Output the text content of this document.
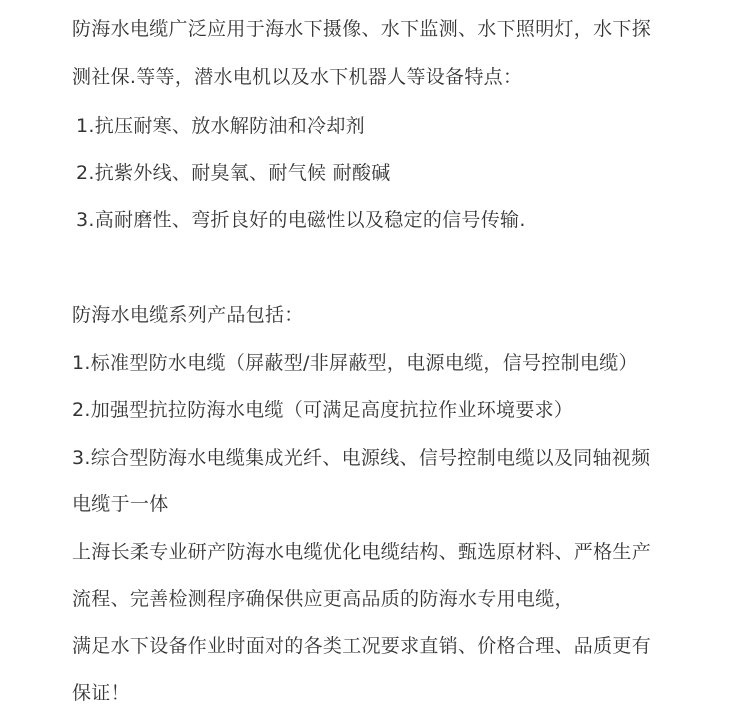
防海水电缆广泛应用于海水下摄像、水下监测、水下照明灯，水下探
测社保.等等，潜水电机以及水下机器人等设备特点：
1.抗压耐寒、放水解防油和冷却剂
2.抗紫外线、耐臭氧、耐气候 耐酸碱
3.高耐磨性、弯折良好的电磁性以及稳定的信号传输.
防海水电缆系列产品包括：
1.标准型防水电缆（屏蔽型/非屏蔽型，电源电缆，信号控制电缆）
2.加强型抗拉防海水电缆（可满足高度抗拉作业环境要求）
3.综合型防海水电缆集成光纤、电源线、信号控制电缆以及同轴视频
电缆于一体
上海长柔专业研产防海水电缆优化电缆结构、甄选原材料、严格生产
流程、完善检测程序确保供应更高品质的防海水专用电缆，
满足水下设备作业时面对的各类工况要求直销、价格合理、品质更有
保证！
